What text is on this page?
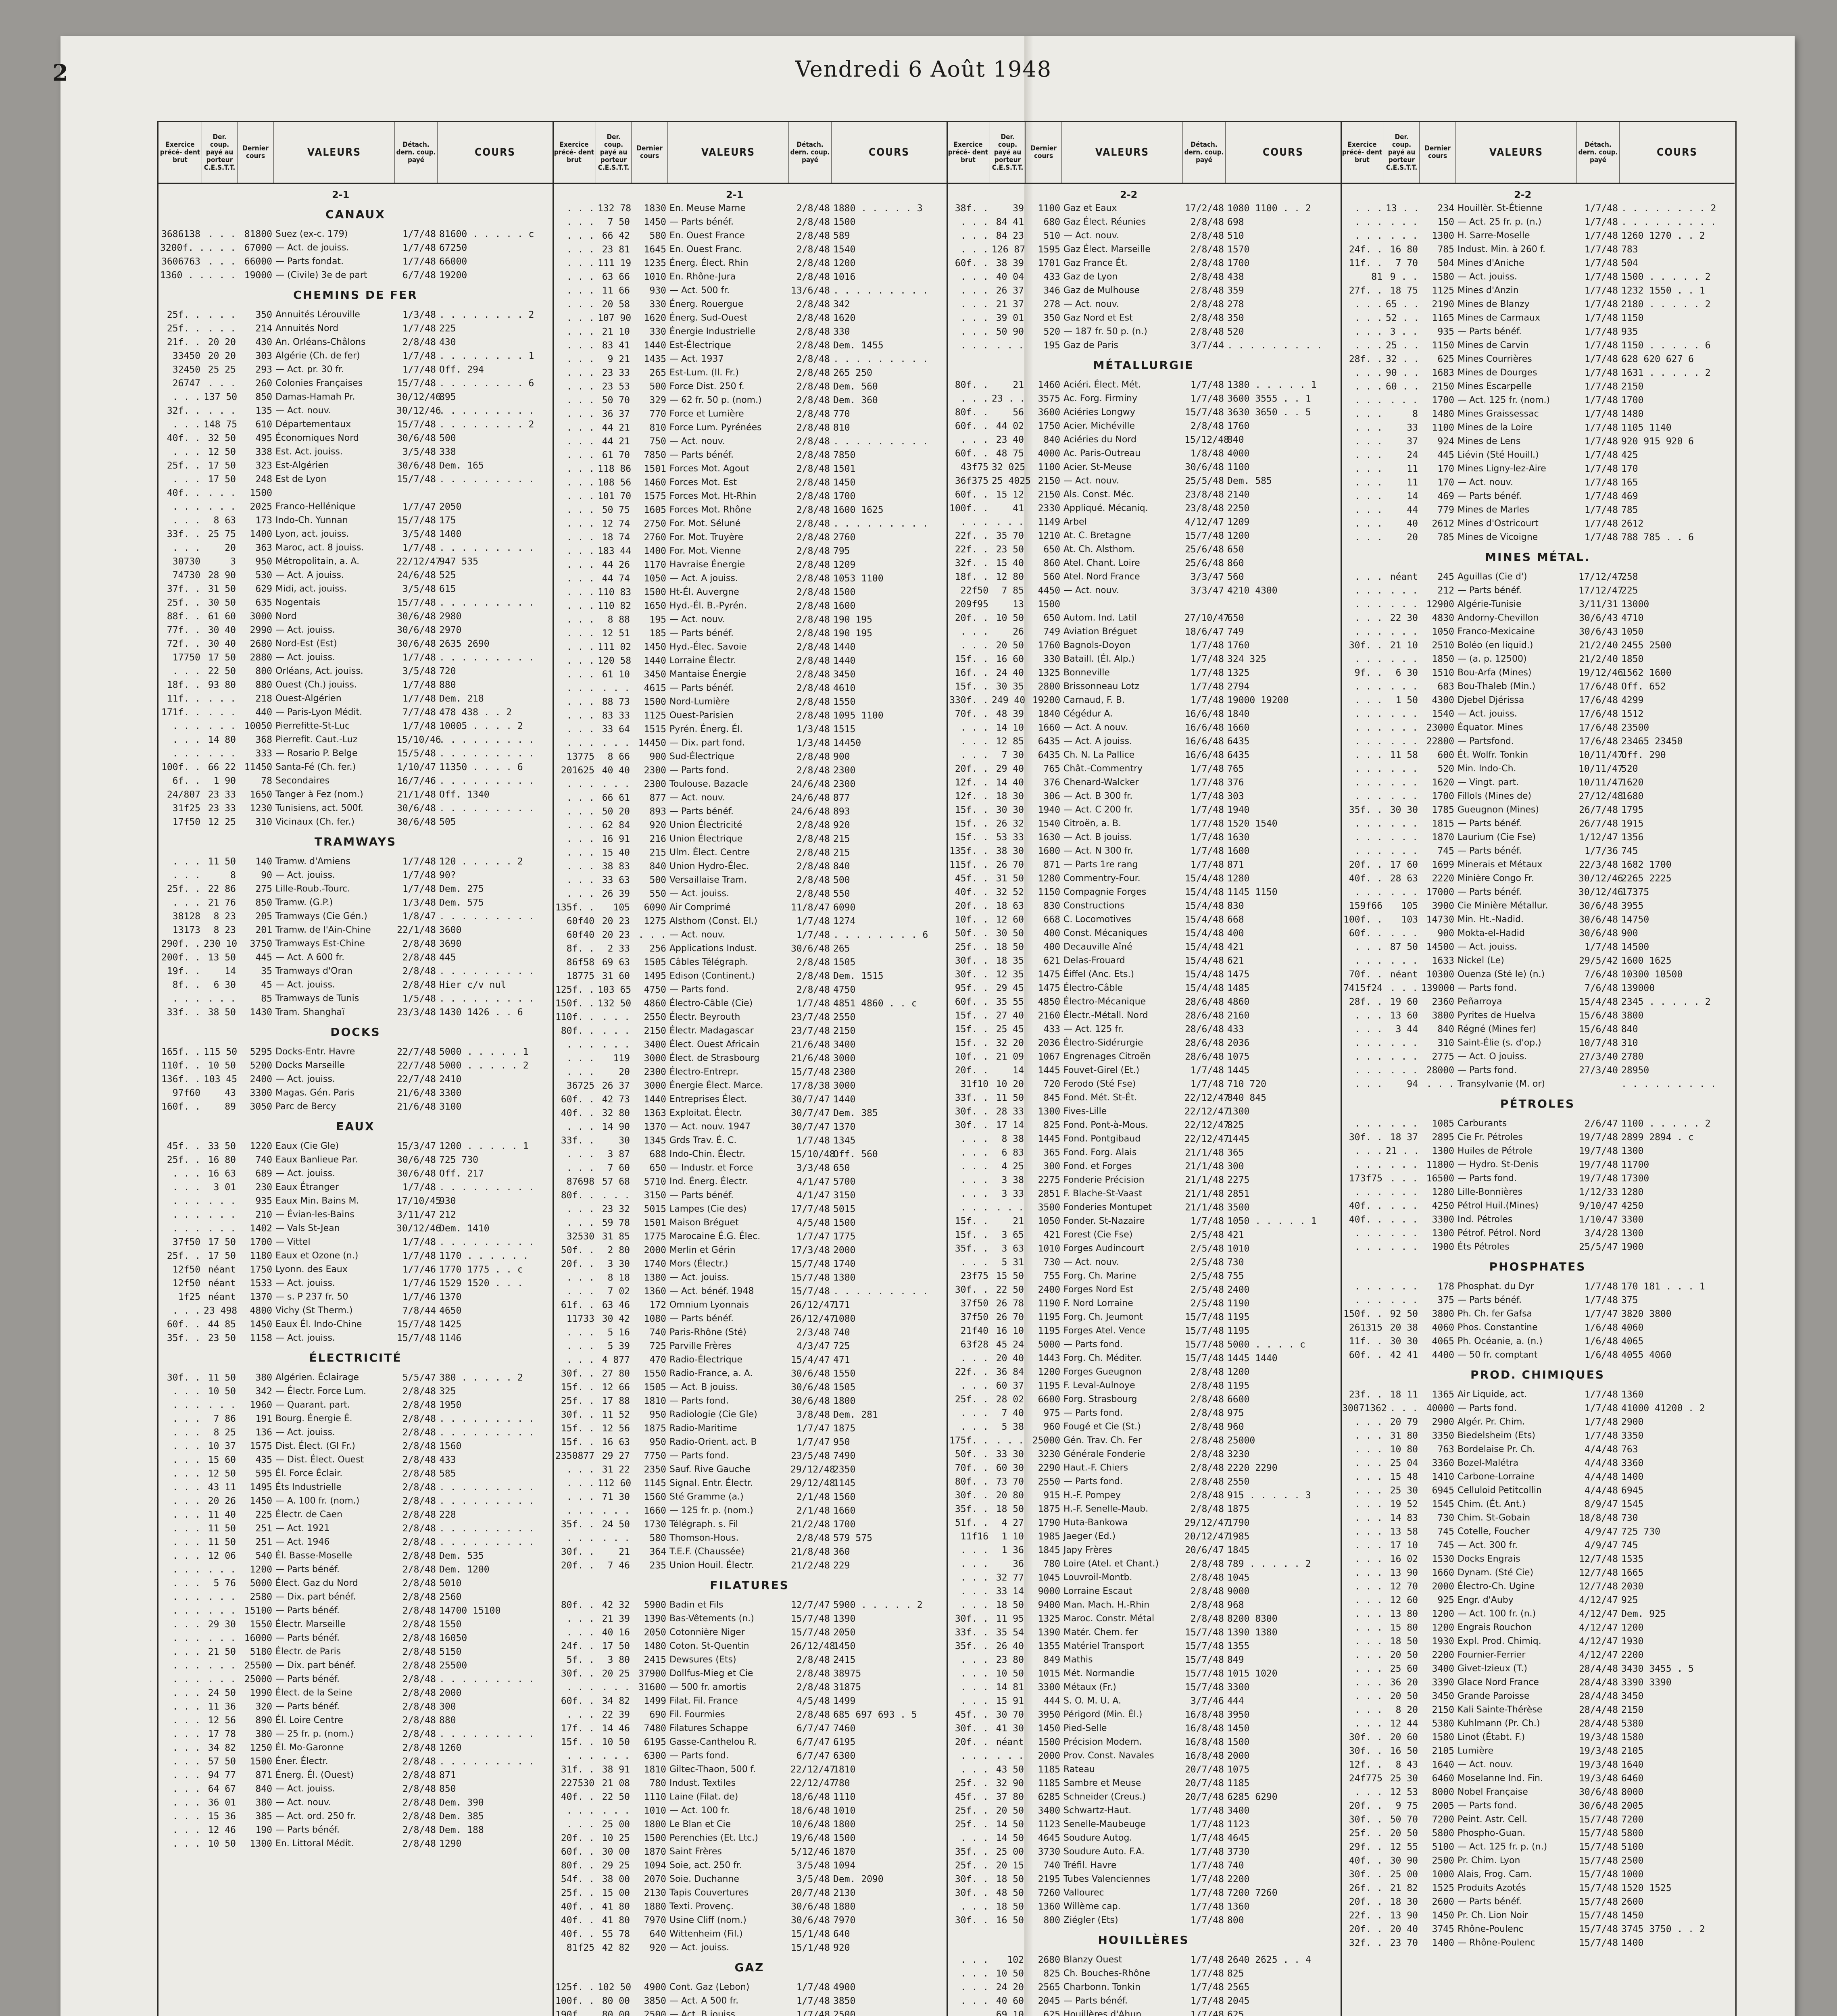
2	Vendredi 6 Août 1948
Exercice précé- dent brut
Der. coup. payé au porteur C.E.S.T.T.
Dernier cours	VALEURS
Détach. dern. coup. payé
COURS
2-1
CANAUX
3686138 . . . 81800 Suez (ex-c. 179)	1/7/48 81600 . . . . . c
3200f. . . . . 67000 — Act. de jouiss.	1/7/48 67250
3606763 . . . 66000 — Parts fondat.	1/7/48 66000
1360 . . . . . 19000 — (Civile) 3e de part	6/7/48 19200
CHEMINS DE FER
25f. . . . .	350 Annuités Lérouville	1/3/48 . . . . . . . . 2
25f. . . . .	214 Annuités Nord	1/7/48 225
21f. . 20 20	430 An. Orléans-Châlons	2/8/48 430
33450 20 20	303 Algérie (Ch. de fer)	1/7/48 . . . . . . . . 1
32450 25 25	293 — Act. pr. 30 fr.	1/7/48 Off. 294
26747 . . .	260 Colonies Françaises	15/7/48 . . . . . . . . 6
. . . 137 50	850 Damas-Hamah Pr.	30/12/46
895
32f. . . . .	135 — Act. nouv.	30/12/46
. . . . . . . . .
. . . 148 75	610 Départementaux	15/7/48 . . . . . . . . 2
40f. . 32 50	495 Économiques Nord	30/6/48 500
. . . 12 50	338 Est. Act. jouiss.	3/5/48 338
25f. . 17 50	323 Est-Algérien	30/6/48 Dem. 165
. . . 17 50	248 Est de Lyon	15/7/48 . . . . . . . . .
40f. . . . .	1500
. . . . . .	2025 Franco-Hellénique	1/7/47 2050
. . .	8 63	173 Indo-Ch. Yunnan	15/7/48 175
33f. . 25 75	1400 Lyon, act. jouiss.	3/5/48 1400
. . .	20	363 Maroc, act. 8 jouiss.	1/7/48 . . . . . . . . .
30730	3	950 Métropolitain, a. A.	22/12/47
947 535
74730 28 90	530 — Act. A jouiss.	24/6/48 525
37f. . 31 50	629 Midi, act. jouiss.	3/5/48 615
25f. . 30 50	635 Nogentais	15/7/48 . . . . . . . . .
88f. . 61 60	3000 Nord	30/6/48 2980
77f. . 30 40	2990 — Act. jouiss.	30/6/48 2970
72f. . 30 40	2680 Nord-Est (Est)	30/6/48 2635 2690
17750 17 50	2880 — Act. jouiss.	1/7/48 . . . . . . . . .
. . . 22 50	800 Orléans, Act. jouiss.	3/5/48 720
18f. . 93 80	880 Ouest (Ch.) jouiss.	1/7/48 880
11f. . . . .	218 Ouest-Algérien	1/7/48 Dem. 218
171f. . . . .	440 — Paris-Lyon Médit.	7/7/48 478 438 . . 2
. . . . . . 10050 Pierrefitte-St-Luc	1/7/48 10005 . . . . 2
. . . 14 80	368 Pierrefit. Caut.-Luz	15/10/46
. . . . . . . . .
. . . . . .	333 — Rosario P. Belge	15/5/48 . . . . . . . . .
100f. . 66 22 11450 Santa-Fé (Ch. fer.)	1/10/47 11350 . . . . 6
6f. .	1 90	78 Secondaires	16/7/46 . . . . . . . . .
24/807 23 33	1650 Tanger à Fez (nom.)	21/1/48 Off. 1340
31f25 23 33	1230 Tunisiens, act. 500f.	30/6/48 . . . . . . . . .
17f50 12 25	310 Vicinaux (Ch. fer.)	30/6/48 505
TRAMWAYS
. . . 11 50	140 Tramw. d'Amiens	1/7/48 120 . . . . . 2
. . .	8	90 — Act. jouiss.	1/7/48 90?
25f. . 22 86	275 Lille-Roub.-Tourc.	1/7/48 Dem. 275
. . . 21 76	850 Tramw. (G.P.)	1/3/48 Dem. 575
38128	8 23	205 Tramways (Cie Gén.)	1/8/47 . . . . . . . . .
13173	8 23	201 Tramw. de l'Ain-Chine	22/1/48 3600
290f. . 230 10	3750 Tramways Est-Chine	2/8/48 3690
200f. . 13 50	445 — Act. A 600 fr.	2/8/48 445
19f. .	14	35 Tramways d'Oran	2/8/48 . . . . . . . . .
8f. .	6 30	45 — Act. jouiss.	2/8/48 Hier c/v nul
. . . . . .	85 Tramways de Tunis	1/5/48 . . . . . . . . .
33f. . 38 50	1430 Tram. Shanghaï	23/3/48 1430 1426 . . 6
DOCKS
165f. . 115 50	5295 Docks-Entr. Havre	22/7/48 5000 . . . . . 1
110f. . 10 50	5200 Docks Marseille	22/7/48 5000 . . . . . 2
136f. . 103 45	2400 — Act. jouiss.	22/7/48 2410
97f60	43	3300 Magas. Gén. Paris	21/6/48 3300
160f. .	89	3050 Parc de Bercy	21/6/48 3100
EAUX
45f. . 33 50	1220 Eaux (Cie Gle)	15/3/47 1200 . . . . . 1
25f. . 16 80	740 Eaux Banlieue Par.	30/6/48 725 730
. . . 16 63	689 — Act. jouiss.	30/6/48 Off. 217
. . .	3 01	230 Eaux Étranger	1/7/48 . . . . . . . . .
. . . . . .	935 Eaux Min. Bains M.	17/10/45
930
. . . . . .	210 — Évian-les-Bains	3/11/47 212
. . . . . .	1402 — Vals St-Jean	30/12/46
Dem. 1410
37f50 17 50	1700 — Vittel	1/7/48 . . . . . . . . .
25f. . 17 50	1180 Eaux et Ozone (n.)	1/7/48 1170 . . . . . .
12f50 néant	1750 Lyonn. des Eaux	1/7/46 1770 1775 . . c
12f50 néant	1533 — Act. jouiss.	1/7/46 1529 1520 . . .
1f25 néant	1370 — s. P 237 fr. 50	1/7/46 1370
. . . 23 498	4800 Vichy (St Therm.)	7/8/44 4650
60f. . 44 85	1450 Eaux Él. Indo-Chine	15/7/48 1425
35f. . 23 50	1158 — Act. jouiss.	15/7/48 1146
ÉLECTRICITÉ
30f. . 11 50	380 Algérien. Éclairage	5/5/47 380 . . . . . 2
. . . 10 50	342 — Électr. Force Lum.	2/8/48 325
. . . . . .	1960 — Quarant. part.	2/8/48 1950
. . .	7 86	191 Bourg. Énergie É.	2/8/48 . . . . . . . . .
. . .	8 25	136 — Act. jouiss.	2/8/48 . . . . . . . . .
. . . 10 37	1575 Dist. Élect. (Gl Fr.)	2/8/48 1560
. . . 15 60	435 — Dist. Élect. Ouest	2/8/48 433
. . . 12 50	595 Él. Force Éclair.	2/8/48 585
. . . 43 11	1495 Éts Industrielle	2/8/48 . . . . . . . . .
. . . 20 26	1450 — A. 100 fr. (nom.)	2/8/48 . . . . . . . . .
. . . 11 40	225 Électr. de Caen	2/8/48 228
. . . 11 50	251 — Act. 1921	2/8/48 . . . . . . . . .
. . . 11 50	251 — Act. 1946	2/8/48 . . . . . . . . .
. . . 12 06	540 Él. Basse-Moselle	2/8/48 Dem. 535
. . . . . .	1200 — Parts bénéf.	2/8/48 Dem. 1200
. . .	5 76	5000 Élect. Gaz du Nord	2/8/48 5010
. . . . . .	2580 — Dix. part bénéf.	2/8/48 2560
. . . . . . 15100 — Parts bénéf.	2/8/48 14700 15100
. . . 29 30	1550 Électr. Marseille	2/8/48 1550
. . . . . . 16000 — Parts bénéf.	2/8/48 16050
. . . 21 50	5180 Électr. de Paris	2/8/48 5150
. . . . . . 25500 — Dix. part bénéf.	2/8/48 25500
. . . . . . 25000 — Parts bénéf.	2/8/48 . . . . . . . . .
. . . 24 50	1990 Élect. de la Seine	2/8/48 2000
. . . 11 36	320 — Parts bénéf.	2/8/48 300
. . . 12 56	890 Él. Loire Centre	2/8/48 880
. . . 17 78	380 — 25 fr. p. (nom.)	2/8/48 . . . . . . . . .
. . . 34 82	1250 Él. Mo-Garonne	2/8/48 1260
. . . 57 50	1500 Éner. Électr.	2/8/48 . . . . . . . . .
. . . 94 77	871 Énerg. Él. (Ouest)	2/8/48 871
. . . 64 67	840 — Act. jouiss.	2/8/48 850
. . . 36 01	380 — Act. nouv.	2/8/48 Dem. 390
. . . 15 36	385 — Act. ord. 250 fr.	2/8/48 Dem. 385
. . . 12 46	190 — Parts bénéf.	2/8/48 Dem. 188
. . . 10 50	1300 En. Littoral Médit.	2/8/48 1290
Exercice précé- dent brut
Der. coup. payé au porteur C.E.S.T.T.
Dernier cours	VALEURS
Détach. dern. coup. payé
COURS
2-1
. . . 132 78	1830 En. Meuse Marne	2/8/48 1880 . . . . . 3
. . .	7 50	1450 — Parts bénéf.	2/8/48 1500
. . . 66 42	580 En. Ouest France	2/8/48 589
. . . 23 81	1645 En. Ouest Franc.	2/8/48 1540
. . . 111 19	1235 Énerg. Élect. Rhin	2/8/48 1200
. . . 63 66	1010 En. Rhône-Jura	2/8/48 1016
. . . 11 66	930 — Act. 500 fr.	13/6/48 . . . . . . . . .
. . . 20 58	330 Énerg. Rouergue	2/8/48 342
. . . 107 90	1620 Énerg. Sud-Ouest	2/8/48 1620
. . . 21 10	330 Énergie Industrielle	2/8/48 330
. . . 83 41	1440 Est-Électrique	2/8/48 Dem. 1455
. . .	9 21	1435 — Act. 1937	2/8/48 . . . . . . . . .
. . . 23 33	265 Est-Lum. (Il. Fr.)	2/8/48 265 250
. . . 23 53	500 Force Dist. 250 f.	2/8/48 Dem. 560
. . . 50 70	329 — 62 fr. 50 p. (nom.)	2/8/48 Dem. 360
. . . 36 37	770 Force et Lumière	2/8/48 770
. . . 44 21	810 Force Lum. Pyrénées	2/8/48 810
. . . 44 21	750 — Act. nouv.	2/8/48 . . . . . . . . .
. . . 61 70	7850 — Parts bénéf.	2/8/48 7850
. . . 118 86	1501 Forces Mot. Agout	2/8/48 1501
. . . 108 56	1460 Forces Mot. Est	2/8/48 1450
. . . 101 70	1575 Forces Mot. Ht-Rhin	2/8/48 1700
. . . 50 75	1605 Forces Mot. Rhône	2/8/48 1600 1625
. . . 12 74	2750 For. Mot. Séluné	2/8/48 . . . . . . . . .
. . . 18 74	2760 For. Mot. Truyère	2/8/48 2760
. . . 183 44	1400 For. Mot. Vienne	2/8/48 795
. . . 44 26	1170 Havraise Énergie	2/8/48 1209
. . . 44 74	1050 — Act. A jouiss.	2/8/48 1053 1100
. . . 110 83	1500 Ht-Él. Auvergne	2/8/48 1500
. . . 110 82	1650 Hyd.-Él. B.-Pyrén.	2/8/48 1600
. . .	8 88	195 — Act. nouv.	2/8/48 190 195
. . . 12 51	185 — Parts bénéf.	2/8/48 190 195
. . . 111 02	1450 Hyd.-Élec. Savoie	2/8/48 1440
. . . 120 58	1440 Lorraine Électr.	2/8/48 1440
. . . 61 10	3450 Mantaise Énergie	2/8/48 3450
. . . . . .	4615 — Parts bénéf.	2/8/48 4610
. . . 88 73	1500 Nord-Lumière	2/8/48 1550
. . . 83 33	1125 Ouest-Parisien	2/8/48 1095 1100
. . . 33 64	1515 Pyrén. Énerg. Él.	1/3/48 1515
. . . . . . 14450 — Dix. part fond.	1/3/48 14450
13775	8 66	900 Sud-Électrique	2/8/48 900
201625 40 40	2300 — Parts fond.	2/8/48 2300
. . . . . .	2300 Toulouse. Bazacle	24/6/48 2300
. . . 66 61	877 — Act. nouv.	24/6/48 877
. . . 50 20	893 — Parts bénéf.	24/6/48 893
. . . 62 84	920 Union Électricité	2/8/48 920
. . . 16 91	216 Union Électrique	2/8/48 215
. . . 15 40	215 Ulm. Élect. Centre	2/8/48 215
. . . 38 83	840 Union Hydro-Élec.	2/8/48 840
. . . 33 63	500 Versaillaise Tram.	2/8/48 500
. . . 26 39	550 — Act. jouiss.	2/8/48 550
135f. .	105	6090 Air Comprimé	11/8/47 6090
60f40 20 23	1275 Alsthom (Const. El.)	1/7/48 1274
60f40 20 23 . . . — Act. nouv.	1/7/48 . . . . . . . . 6
8f. .	2 33	256 Applications Indust.	30/6/48 265
86f58 69 63	1505 Câbles Télégraph.	2/8/48 1505
18775 31 60	1495 Edison (Continent.)	2/8/48 Dem. 1515
125f. . 103 65	4750 — Parts fond.	2/8/48 4750
150f. . 132 50	4860 Électro-Câble (Cie)	1/7/48 4851 4860 . . c
110f. . . . .	2550 Électr. Beyrouth	23/7/48 2550
80f. . . . .	2150 Électr. Madagascar	23/7/48 2150
. . . . . .	3400 Élect. Ouest Africain	21/6/48 3400
. . .	119	3000 Élect. de Strasbourg	21/6/48 3000
. . .	20	2300 Électro-Entrepr.	15/7/48 2300
36725 26 37	3000 Énergie Élect. Marce.	17/8/38 3000
60f. . 42 73	1440 Entreprises Élect.	30/7/47 1440
40f. . 32 80	1363 Exploitat. Électr.	30/7/47 Dem. 385
. . . 14 90	1370 — Act. nouv. 1947	30/7/47 1370
33f. .	30	1345 Grds Trav. É. C.	1/7/48 1345
. . .	3 87	688 Indo-Chin. Électr.	15/10/48
Off. 560
. . .	7 60	650 — Industr. et Force	3/3/48 650
87698 57 68	5710 Ind. Énerg. Électr.	4/1/47 5700
80f. . . . .	3150 — Parts bénéf.	4/1/47 3150
. . . 23 32	5015 Lampes (Cie des)	17/7/48 5015
. . . 59 78	1501 Maison Bréguet	4/5/48 1500
32530 31 85	1775 Marocaine É.G. Élec.	1/7/47 1775
50f. .	2 80	2000 Merlin et Gérin	17/3/48 2000
20f. .	3 30	1740 Mors (Électr.)	15/7/48 1740
. . .	8 18	1380 — Act. jouiss.	15/7/48 1380
. . .	7 02	1360 — Act. bénéf. 1948	15/7/48 . . . . . . . . .
61f. . 63 46	172 Omnium Lyonnais	26/12/47
171
11733 30 42	1080 — Parts bénéf.	26/12/47
1080
. . .	5 16	740 Paris-Rhône (Sté)	2/3/48 740
. . .	5 39	725 Parville Frères	4/3/47 725
. . . 4 877	470 Radio-Électrique	15/4/47 471
30f. . 27 80	1550 Radio-France, a. A.	30/6/48 1550
15f. . 12 66	1505 — Act. B jouiss.	30/6/48 1505
25f. . 17 88	1810 — Parts fond.	30/6/48 1800
30f. . 11 52	950 Radiologie (Cie Gle)	3/8/48 Dem. 281
15f. . 12 56	1875 Radio-Maritime	1/7/47 1875
15f. . 16 63	950 Radio-Orient. act. B	1/7/47 950
2350877 29 27	7750 — Parts fond.	23/5/48 7490
. . . 31 22	2350 Sauf. Rive Gauche	29/12/48
2350
. . . 112 60	1145 Signal. Entr. Électr.	29/12/48
1145
. . . 71 30	1560 Sté Gramme (a.)	2/1/48 1560
. . . . . .	1660 — 125 fr. p. (nom.)	2/1/48 1660
35f. . 24 50	1730 Télégraph. s. Fil	21/2/48 1700
. . . . . .	580 Thomson-Hous.	2/8/48 579 575
30f. .	21	364 T.E.F. (Chaussée)	21/8/48 360
20f. .	7 46	235 Union Houil. Électr.	21/2/48 229
FILATURES
80f. . 42 32	5900 Badin et Fils	12/7/47 5900 . . . . . 2
. . . 21 39	1390 Bas-Vêtements (n.)	15/7/48 1390
. . . 40 16	2050 Cotonnière Niger	15/7/48 2050
24f. . 17 50	1480 Coton. St-Quentin	26/12/48
1450
5f. .	3 80	2415 Dewsures (Ets)	2/8/48 2415
30f. . 20 25 37900 Dollfus-Mieg et Cie	2/8/48 38975
. . . . . . 31600 — 500 fr. amortis	2/8/48 31875
60f. . 34 82	1499 Filat. Fil. France	4/5/48 1499
. . . 22 39	690 Fil. Fourmies	2/8/48 685 697 693 . 5
17f. . 14 46	7480 Filatures Schappe	6/7/47 7460
15f. . 10 50	6195 Gasse-Canthelou R.	6/7/47 6195
. . . . . .	6300 — Parts fond.	6/7/47 6300
31f. . 38 91	1810 Giltec-Thaon, 500 f.	22/12/47
1810
227530 21 08	780 Indust. Textiles	22/12/47
780
40f. . 22 50	1110 Laine (Filat. de)	18/6/48 1110
. . . . . .	1010 — Act. 100 fr.	18/6/48 1010
. . . 25 00	1800 Le Blan et Cie	10/6/48 1800
20f. . 10 25	1500 Perenchies (Et. Ltc.)	19/6/48 1500
60f. . 30 00	1870 Saint Frères	5/12/46 1870
80f. . 29 25	1094 Soie, act. 250 fr.	3/5/48 1094
54f. . 38 00	2070 Soie. Duchanne	3/5/48 Dem. 2090
25f. . 15 00	2130 Tapis Couvertures	20/7/48 2130
40f. . 41 80	1880 Texti. Provenç.	30/6/48 1880
40f. . 41 80	7970 Usine Cliff (nom.)	30/6/48 7970
40f. . 55 78	640 Wittenheim (Fil.)	15/1/48 640
81f25 42 82	920 — Act. jouiss.	15/1/48 920
GAZ
125f. . 102 50	4900 Cont. Gaz (Lebon)	1/7/48 4900
100f. . 80 00	3850 — Act. A 500 fr.	1/7/48 3850
190f. . 80 00	2500 — Act. B jouiss.	1/7/48 2500
Exercice précé- dent brut
Der. coup. payé au porteur C.E.S.T.T.
Dernier cours	VALEURS
Détach. dern. coup. payé
COURS
2-2
38f. .	39	1100 Gaz et Eaux	17/2/48 1080 1100 . . 2
. . . 84 41	680 Gaz Élect. Réunies	2/8/48 698
. . . 84 23	510 — Act. nouv.	2/8/48 510
. . . 126 87	1595 Gaz Élect. Marseille	2/8/48 1570
60f. . 38 39	1701 Gaz France Ét.	2/8/48 1700
. . . 40 04	433 Gaz de Lyon	2/8/48 438
. . . 26 37	346 Gaz de Mulhouse	2/8/48 359
. . . 21 37	278 — Act. nouv.	2/8/48 278
. . . 39 01	350 Gaz Nord et Est	2/8/48 350
. . . 50 90	520 — 187 fr. 50 p. (n.)	2/8/48 520
. . . . . .	195 Gaz de Paris	3/7/44 . . . . . . . . .
MÉTALLURGIE
80f. .	21	1460 Aciéri. Élect. Mét.	1/7/48 1380 . . . . . 1
. . . 23 . .	3575 Ac. Forg. Firminy	1/7/48 3600 3555 . . 1
80f. .	56	3600 Aciéries Longwy	15/7/48 3630 3650 . . 5
60f. . 44 02	1750 Acier. Michéville	2/8/48 1760
. . . 23 40	840 Aciéries du Nord	15/12/48
840
60f. . 48 75	4000 Ac. Paris-Outreau	1/8/48 4000
43f75 32 025	1100 Acier. St-Meuse	30/6/48 1100
36f375 25 4025 2150 — Act. nouv.	25/5/48 Dem. 585
60f. . 15 12	2150 Als. Const. Méc.	23/8/48 2140
100f. .	41	2330 Appliqué. Mécaniq.	23/8/48 2250
. . . . . .	1149 Arbel	4/12/47 1209
22f. . 35 70	1210 At. C. Bretagne	15/7/48 1200
22f. . 23 50	650 At. Ch. Alsthom.	25/6/48 650
32f. . 15 40	860 Atel. Chant. Loire	25/6/48 860
18f. . 12 80	560 Atel. Nord France	3/3/47 560
22f50	7 85	4450 — Act. nouv.	3/3/47 4210 4300
209f95	13	1500
20f. . 10 50	650 Autom. Ind. Latil	27/10/47
650
. . .	26	749 Aviation Bréguet	18/6/47 749
. . . 20 50	1760 Bagnols-Doyon	1/7/48 1760
15f. . 16 60	330 Bataill. (Él. Alp.)	1/7/48 324 325
16f. . 24 40	1325 Bonneville	1/7/48 1325
15f. . 30 35	2800 Brissonneau Lotz	1/7/48 2794
330f. . 249 40 19200 Carnaud, F. B.	1/7/48 19000 19200
70f. . 48 39	1840 Cégédur A.	16/6/48 1840
. . . 14 10	1660 — Act. A nouv.	16/6/48 1660
. . . 12 85	6435 — Act. A jouiss.	16/6/48 6435
. . .	7 30	6435 Ch. N. La Pallice	16/6/48 6435
20f. . 29 40	765 Chât.-Commentry	1/7/48 765
12f. . 14 40	376 Chenard-Walcker	1/7/48 376
12f. . 18 30	306 — Act. B 300 fr.	1/7/48 303
15f. . 30 30	1940 — Act. C 200 fr.	1/7/48 1940
15f. . 26 32	1540 Citroën, a. B.	1/7/48 1520 1540
15f. . 53 33	1630 — Act. B jouiss.	1/7/48 1630
135f. . 38 30	1600 — Act. N 300 fr.	1/7/48 1600
115f. . 26 70	871 — Parts 1re rang	1/7/48 871
45f. . 31 50	1280 Commentry-Four.	15/4/48 1280
40f. . 32 52	1150 Compagnie Forges	15/4/48 1145 1150
20f. . 18 63	830 Constructions	15/4/48 830
10f. . 12 60	668 C. Locomotives	15/4/48 668
50f. . 30 50	400 Const. Mécaniques	15/4/48 400
25f. . 18 50	400 Decauville Aîné	15/4/48 421
30f. . 18 35	621 Delas-Frouard	15/4/48 621
30f. . 12 35	1475 Éiffel (Anc. Ets.)	15/4/48 1475
95f. . 29 45	1475 Électro-Câble	15/4/48 1485
60f. . 35 55	4850 Électro-Mécanique	28/6/48 4860
15f. . 27 40	2160 Électr.-Métall. Nord	28/6/48 2160
15f. . 25 45	433 — Act. 125 fr.	28/6/48 433
15f. . 32 20	2036 Électro-Sidérurgie	28/6/48 2036
10f. . 21 09	1067 Engrenages Citroën	28/6/48 1075
20f. .	14	1445 Fouvet-Girel (Et.)	1/7/48 1445
31f10 10 20	720 Ferodo (Sté Fse)	1/7/48 710 720
33f. . 11 50	845 Fond. Mét. St-Ét.	22/12/47
840 845
30f. . 28 33	1300 Fives-Lille	22/12/47
1300
30f. . 17 14	825 Fond. Pont-à-Mous.	22/12/47
825
. . .	8 38	1445 Fond. Pontgibaud	22/12/47
1445
. . .	6 83	365 Fond. Forg. Alais	21/1/48 365
. . .	4 25	300 Fond. et Forges	21/1/48 300
. . .	3 38	2275 Fonderie Précision	21/1/48 2275
. . .	3 33	2851 F. Blache-St-Vaast	21/1/48 2851
. . . . . .	3500 Fonderies Montupet	21/1/48 3500
15f. .	21	1050 Fonder. St-Nazaire	1/7/48 1050 . . . . . 1
15f. .	3 65	421 Forest (Cie Fse)	2/5/48 421
35f. .	3 63	1010 Forges Audincourt	2/5/48 1010
. . .	5 31	730 — Act. nouv.	2/5/48 730
23f75 15 50	755 Forg. Ch. Marine	2/5/48 755
30f. . 22 50	2400 Forges Nord Est	2/5/48 2400
37f50 26 78	1190 F. Nord Lorraine	2/5/48 1190
37f50 26 70	1195 Forg. Ch. Jeumont	15/7/48 1195
21f40 16 10	1195 Forges Atel. Vence	15/7/48 1195
63f28 45 24	5000 — Parts fond.	15/7/48 5000 . . . . c
. . . 20 40	1443 Forg. Ch. Méditer.	15/7/48 1445 1440
22f. . 36 84	1200 Forges Gueugnon	2/8/48 1200
. . . 60 37	1195 F. Leval-Aulnoye	2/8/48 1195
25f. . 28 02	6600 Forg. Strasbourg	2/8/48 6600
. . .	7 40	975 — Parts fond.	2/8/48 975
. . .	5 38	960 Fougé et Cie (St.)	2/8/48 960
175f. . . . . 25000 Gén. Trav. Ch. Fer	2/8/48 25000
50f. . 33 30	3230 Générale Fonderie	2/8/48 3230
70f. . 60 30	2290 Haut.-F. Chiers	2/8/48 2220 2290
80f. . 73 70	2550 — Parts fond.	2/8/48 2550
30f. . 20 80	915 H.-F. Pompey	2/8/48 915 . . . . . 3
35f. . 18 50	1875 H.-F. Senelle-Maub.	2/8/48 1875
51f. .	4 27	1790 Huta-Bankowa	29/12/47
1790
11f16	1 10	1985 Jaeger (Ed.)	20/12/47
1985
. . .	1 36	1845 Japy Frères	20/6/47 1845
. . .	36	780 Loire (Atel. et Chant.)	2/8/48 789 . . . . . 2
. . . 32 77	1045 Louvroil-Montb.	2/8/48 1045
. . . 33 14	9000 Lorraine Escaut	2/8/48 9000
. . . 18 50	9400 Man. Mach. H.-Rhin	2/8/48 968
30f. . 11 95	1325 Maroc. Constr. Métal	2/8/48 8200 8300
33f. . 35 54	1390 Matér. Chem. fer	15/7/48 1390 1380
35f. . 26 40	1355 Matériel Transport	15/7/48 1355
. . . 23 80	849 Mathis	15/7/48 849
. . . 10 50	1015 Mét. Normandie	15/7/48 1015 1020
. . . 14 81	3300 Métaux (Fr.)	15/7/48 3300
. . . 15 91	444 S. O. M. U. A.	3/7/46 444
45f. . 30 70	3950 Périgord (Min. Él.)	16/8/48 3950
30f. . 41 30	1450 Pied-Selle	16/8/48 1450
20f. . néant	1500 Précision Modern.	16/8/48 1500
. . . . . .	2000 Prov. Const. Navales	16/8/48 2000
. . . 43 50	1185 Rateau	20/7/48 1075
25f. . 32 90	1185 Sambre et Meuse	20/7/48 1185
45f. . 37 80	6285 Schneider (Creus.)	20/7/48 6285 6290
25f. . 20 50	3400 Schwartz-Haut.	1/7/48 3400
25f. . 14 50	1123 Senelle-Maubeuge	1/7/48 1123
. . . 14 50	4645 Soudure Autog.	1/7/48 4645
35f. . 25 00	3730 Soudure Auto. F.A.	1/7/48 3730
25f. . 20 15	740 Tréfil. Havre	1/7/48 740
30f. . 18 50	2195 Tubes Valenciennes	1/7/48 2200
30f. . 48 50	7260 Vallourec	1/7/48 7200 7260
. . . 18 50	1360 Willème cap.	1/7/48 1360
30f. . 16 50	800 Ziégler (Ets)	1/7/48 800
HOUILLÈRES
. . .	102	2680 Blanzy Ouest	1/7/48 2640 2625 . . 4
. . . 10 50	825 Ch. Bouches-Rhône	1/7/48 825
. . . 24 20	2565 Charbonn. Tonkin	1/7/48 2565
. . . 40 60	2045 — Parts bénéf.	1/7/48 2045
. . . 69 10	625 Houillères d'Ahun	1/7/48 625
Exercice précé- dent brut
Der. coup. payé au porteur C.E.S.T.T.
Dernier cours	VALEURS
Détach. dern. coup. payé
COURS
2-2
. . . 13 . .	234 Houillèr. St-Étienne	1/7/48 . . . . . . . . 2
. . . . . .	150 — Act. 25 fr. p. (n.)	1/7/48 . . . . . . . . .
. . . . . .	1300 H. Sarre-Moselle	1/7/48 1260 1270 . . 2
24f. . 16 80	785 Indust. Min. à 260 f.	1/7/48 783
11f. .	7 70	504 Mines d'Aniche	1/7/48 504
81 9 . .	1580 — Act. jouiss.	1/7/48 1500 . . . . . 2
27f. . 18 75	1125 Mines d'Anzin	1/7/48 1232 1550 . . 1
. . . 65 . .	2190 Mines de Blanzy	1/7/48 2180 . . . . . 2
. . . 52 . .	1165 Mines de Carmaux	1/7/48 1150
. . . 3 . .	935 — Parts bénéf.	1/7/48 935
. . . 25 . .	1150 Mines de Carvin	1/7/48 1150 . . . . . 6
28f. . 32 . .	625 Mines Courrières	1/7/48 628 620 627 6
. . . 90 . .	1683 Mines de Dourges	1/7/48 1631 . . . . . 2
. . . 60 . .	2150 Mines Escarpelle	1/7/48 2150
. . . . . .	1700 — Act. 125 fr. (nom.)	1/7/48 1700
. . .	8	1480 Mines Graissessac	1/7/48 1480
. . .	33	1100 Mines de la Loire	1/7/48 1105 1140
. . .	37	924 Mines de Lens	1/7/48 920 915 920 6
. . .	24	445 Liévin (Sté Houill.)	1/7/48 425
. . .	11	170 Mines Ligny-lez-Aire	1/7/48 170
. . .	11	170 — Act. nouv.	1/7/48 165
. . .	14	469 — Parts bénéf.	1/7/48 469
. . .	44	779 Mines de Marles	1/7/48 785
. . .	40	2612 Mines d'Ostricourt	1/7/48 2612
. . .	20	785 Mines de Vicoigne	1/7/48 788 785 . . 6
MINES MÉTAL.
. . . néant	245 Aguillas (Cie d')	17/12/47
258
. . . . . .	212 — Parts bénéf.	17/12/47
225
. . . . . . 12900 Algérie-Tunisie	3/11/31 13000
. . . 22 30	4830 Andorny-Chevillon	30/6/43 4710
. . . . . .	1050 Franco-Mexicaine	30/6/43 1050
30f. . 21 10	2510 Boléo (en liquid.)	21/2/40 2455 2500
. . . . . .	1850 — (a. p. 12500)	21/2/40 1850
9f. .	6 30	1510 Bou-Arfa (Mines)	19/12/46
1562 1600
. . . . . .	683 Bou-Thaleb (Min.)	17/6/48 Off. 652
. . .	1 50	4300 Djebel Djérissa	17/6/48 4299
. . . . . .	1540 — Act. jouiss.	17/6/48 1512
. . . . . . 23000 Équator. Mines	17/6/48 23500
. . . . . . 22800 — Partsfond.	17/6/48 23465 23450
. . . 11 58	600 Ét. Wolfr. Tonkin	10/11/47
Off. 290
. . . . . .	520 Min. Indo-Ch.	10/11/47
520
. . . . . .	1620 — Vingt. part.	10/11/47
1620
. . . . . .	1700 Fillols (Mines de)	27/12/48
1680
35f. . 30 30	1785 Gueugnon (Mines)	26/7/48 1795
. . . . . .	1815 — Parts bénéf.	26/7/48 1915
. . . . . .	1870 Laurium (Cie Fse)	1/12/47 1356
. . . . . .	745 — Parts bénéf.	1/7/36 745
20f. . 17 60	1699 Minerais et Métaux	22/3/48 1682 1700
40f. . 28 63	2220 Minière Congo Fr.	30/12/46
2265 2225
. . . . . . 17000 — Parts bénéf.	30/12/46
17375
159f66	105	3900 Cie Minière Métallur.	30/6/48 3955
100f. .	103 14730 Min. Ht.-Nadid.	30/6/48 14750
60f. . . . .	900 Mokta-el-Hadid	30/6/48 900
. . . 87 50 14500 — Act. jouiss.	1/7/48 14500
. . . . . .	1633 Nickel (Le)	29/5/42 1600 1625
70f. . néant 10300 Ouenza (Sté Ie) (n.)	7/6/48 10300 10500
7415f24 . . . 139000 — Parts fond.	7/6/48 139000
28f. . 19 60	2360 Peñarroya	15/4/48 2345 . . . . . 2
. . . 13 60	3800 Pyrites de Huelva	15/6/48 3800
. . .	3 44	840 Régné (Mines fer)	15/6/48 840
. . . . . .	310 Saint-Élie (s. d'op.)	10/7/48 310
. . . . . .	2775 — Act. O jouiss.	27/3/40 2780
. . . . . . 28000 — Parts fond.	27/3/40 28950
. . .	94 . . . Transylvanie (M. or)	. . . . . . . . .
PÉTROLES
. . . . . .	1085 Carburants	2/6/47 1100 . . . . . 2
30f. . 18 37	2895 Cie Fr. Pétroles	19/7/48 2899 2894 . c
. . . 21 . .	1300 Huiles de Pétrole	19/7/48 1300
. . . . . . 11800 — Hydro. St-Denis	19/7/48 11700
173f75 . . . 16500 — Parts fond.	19/7/48 17300
. . . . . .	1280 Lille-Bonnières	1/12/33 1280
40f. . . . .	4250 Pétrol Huil.(Mines)	9/10/47 4250
40f. . . . .	3300 Ind. Pétroles	1/10/47 3300
. . . . . .	1300 Pétrof. Pétrol. Nord	3/4/28 1300
. . . . . .	1900 Éts Pétroles	25/5/47 1900
PHOSPHATES
. . . . . .	178 Phosphat. du Dyr	1/7/48 170 181 . . . 1
. . . . . .	375 — Parts bénéf.	1/7/48 375
150f. . 92 50	3800 Ph. Ch. fer Gafsa	1/7/47 3820 3800
261315 20 38	4060 Phos. Constantine	1/6/48 4060
11f. . 30 30	4065 Ph. Océanie, a. (n.)	1/6/48 4065
60f. . 42 41	4400 — 50 fr. comptant	1/6/48 4055 4060
PROD. CHIMIQUES
23f. . 18 11	1365 Air Liquide, act.	1/7/48 1360
30071362 . . . 40000 — Parts fond.	1/7/48 41000 41200 . 2
. . . 20 79	2900 Algér. Pr. Chim.	1/7/48 2900
. . . 31 80	3350 Biedelsheim (Ets)	1/7/48 3350
. . . 10 80	763 Bordelaise Pr. Ch.	4/4/48 763
. . . 25 04	3360 Bozel-Malétra	4/4/48 3360
. . . 15 48	1410 Carbone-Lorraine	4/4/48 1400
. . . 25 30	6945 Celluloid Petitcollin	4/4/48 6945
. . . 19 52	1545 Chim. (Ét. Ant.)	8/9/47 1545
. . . 14 83	730 Chim. St-Gobain	18/8/48 730
. . . 13 58	745 Cotelle, Foucher	4/9/47 725 730
. . . 17 10	745 — Act. 300 fr.	4/9/47 745
. . . 16 02	1530 Docks Engrais	12/7/48 1535
. . . 13 90	1660 Dynam. (Sté Cie)	12/7/48 1665
. . . 12 70	2000 Électro-Ch. Ugine	12/7/48 2030
. . . 12 60	925 Engr. d'Auby	4/12/47 925
. . . 13 80	1200 — Act. 100 fr. (n.)	4/12/47 Dem. 925
. . . 15 80	1200 Engrais Rouchon	4/12/47 1200
. . . 18 50	1930 Expl. Prod. Chimiq.	4/12/47 1930
. . . 20 50	2200 Fournier-Ferrier	4/12/47 2200
. . . 25 60	3400 Givet-Izieux (T.)	28/4/48 3430 3455 . 5
. . . 36 20	3390 Glace Nord France	28/4/48 3390 3390
. . . 20 50	3450 Grande Paroisse	28/4/48 3450
. . .	8 20	2150 Kali Sainte-Thérèse	28/4/48 2150
. . . 12 44	5380 Kuhlmann (Pr. Ch.)	28/4/48 5380
30f. . 20 60	1580 Linot (Étabt. F.)	19/3/48 1580
30f. . 16 50	2105 Lumière	19/3/48 2105
12f. .	8 43	1640 — Act. nouv.	19/3/48 1640
24f775 25 30	6460 Moselanne Ind. Fin.	19/3/48 6460
. . . 12 53	8000 Nobel Française	30/6/48 8000
20f. .	9 75	2005 — Parts fond.	30/6/48 2005
30f. . 50 70	7200 Peint. Astr. Cell.	15/7/48 7200
25f. . 20 50	5800 Phospho-Guan.	15/7/48 5800
29f. . 12 55	5100 — Act. 125 fr. p. (n.)	15/7/48 5100
40f. . 30 90	2500 Pr. Chim. Lyon	15/7/48 2500
30f. . 25 00	1000 Alais, Frog. Cam.	15/7/48 1000
26f. . 21 82	1525 Produits Azotés	15/7/48 1520 1525
20f. . 18 30	2600 — Parts bénéf.	15/7/48 2600
22f. . 13 90	1450 Pr. Ch. Lion Noir	15/7/48 1450
20f. . 20 40	3745 Rhône-Poulenc	15/7/48 3745 3750 . . 2
32f. . 23 70	1400 — Rhône-Poulenc	15/7/48 1400
